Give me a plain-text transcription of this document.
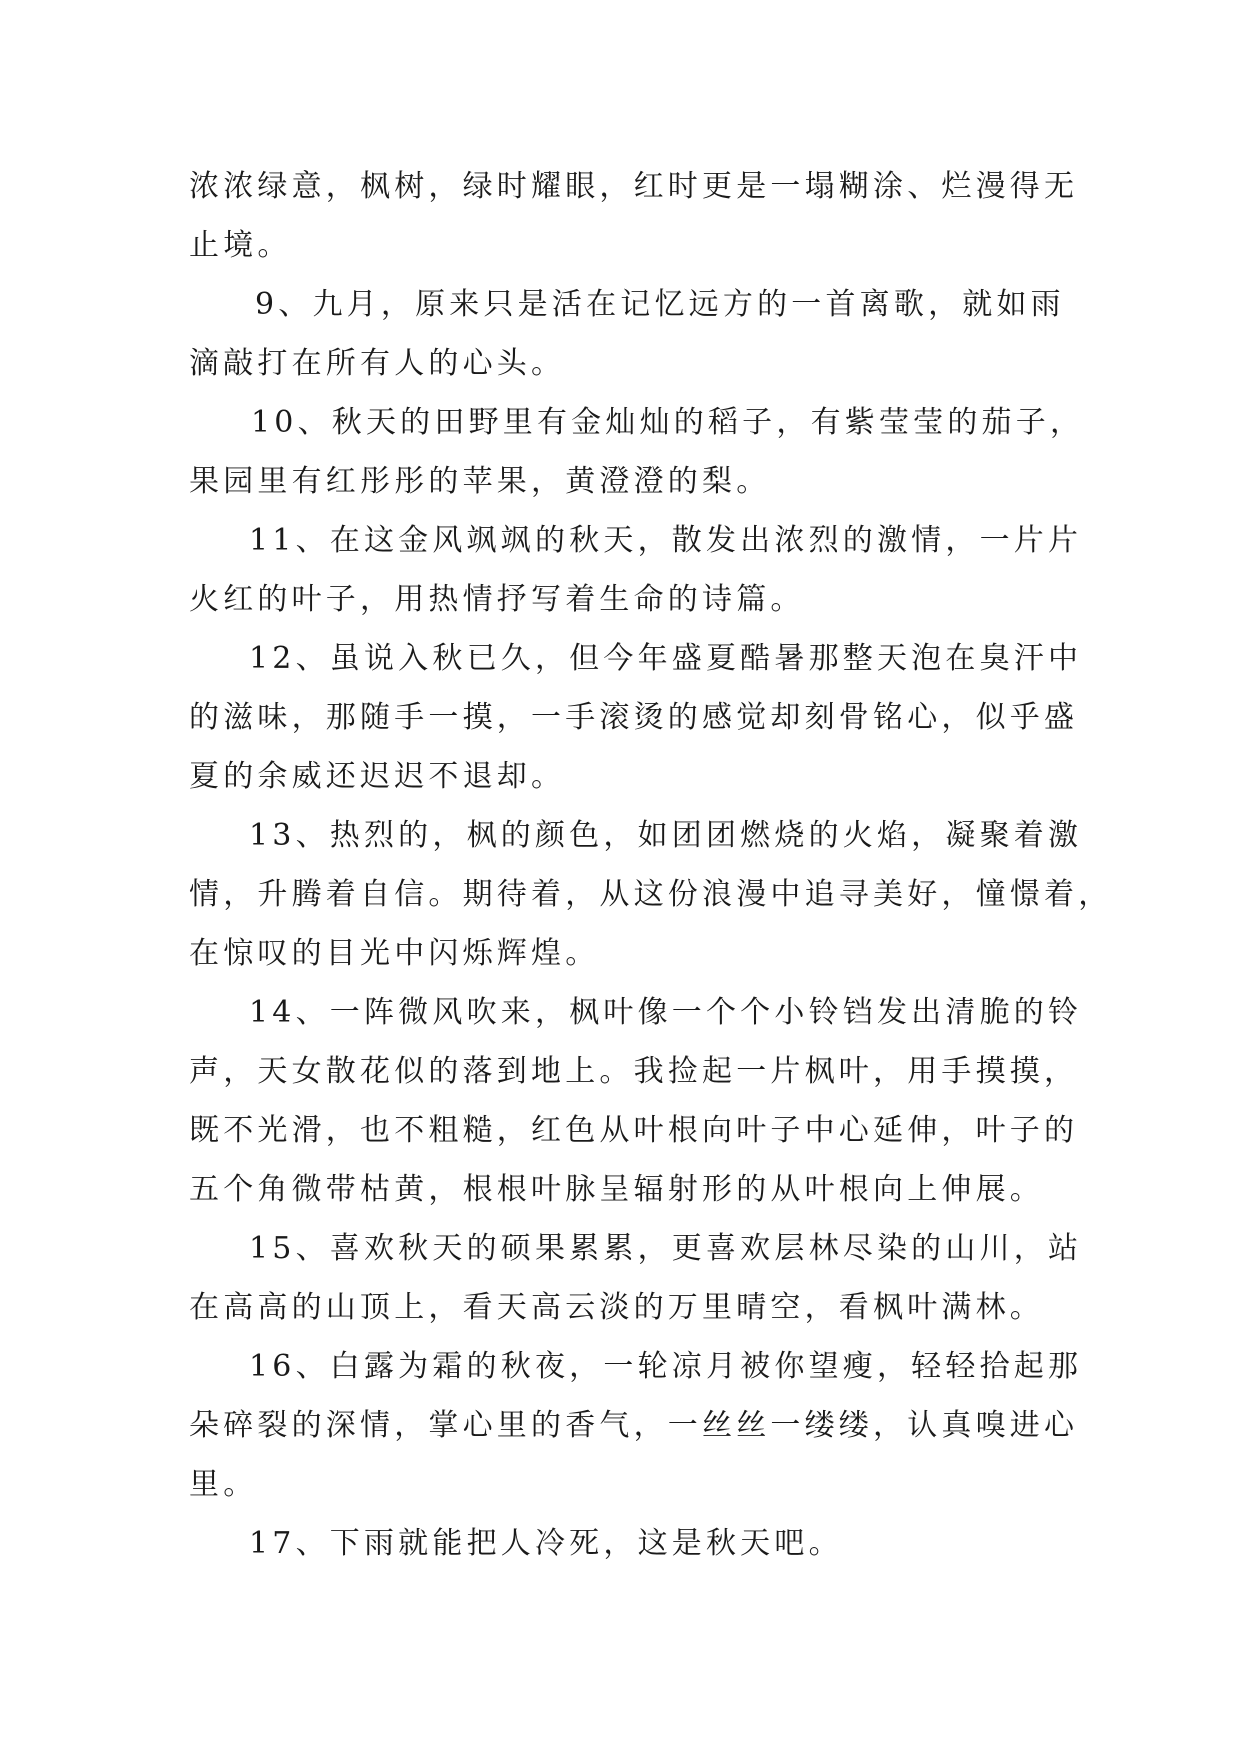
浓浓绿意，枫树，绿时耀眼，红时更是一塌糊涂、烂漫得无
止境。

9、九月，原来只是活在记忆远方的一首离歌，就如雨
滴敲打在所有人的心头。

10、秋天的田野里有金灿灿的稻子，有紫莹莹的茄子，
果园里有红彤彤的苹果，黄澄澄的梨。

11、在这金风飒飒的秋天，散发出浓烈的激情，一片片
火红的叶子，用热情抒写着生命的诗篇。

12、虽说入秋已久，但今年盛夏酷暑那整天泡在臭汗中
的滋味，那随手一摸，一手滚烫的感觉却刻骨铭心，似乎盛
夏的余威还迟迟不退却。

13、热烈的，枫的颜色，如团团燃烧的火焰，凝聚着激
情，升腾着自信。期待着，从这份浪漫中追寻美好，憧憬着，
在惊叹的目光中闪烁辉煌。

14、一阵微风吹来，枫叶像一个个小铃铛发出清脆的铃
声，天女散花似的落到地上。我捡起一片枫叶，用手摸摸，
既不光滑，也不粗糙，红色从叶根向叶子中心延伸，叶子的
五个角微带枯黄，根根叶脉呈辐射形的从叶根向上伸展。

15、喜欢秋天的硕果累累，更喜欢层林尽染的山川，站
在高高的山顶上，看天高云淡的万里晴空，看枫叶满林。

16、白露为霜的秋夜，一轮凉月被你望瘦，轻轻拾起那
朵碎裂的深情，掌心里的香气，一丝丝一缕缕，认真嗅进心
里。

17、下雨就能把人冷死，这是秋天吧。
